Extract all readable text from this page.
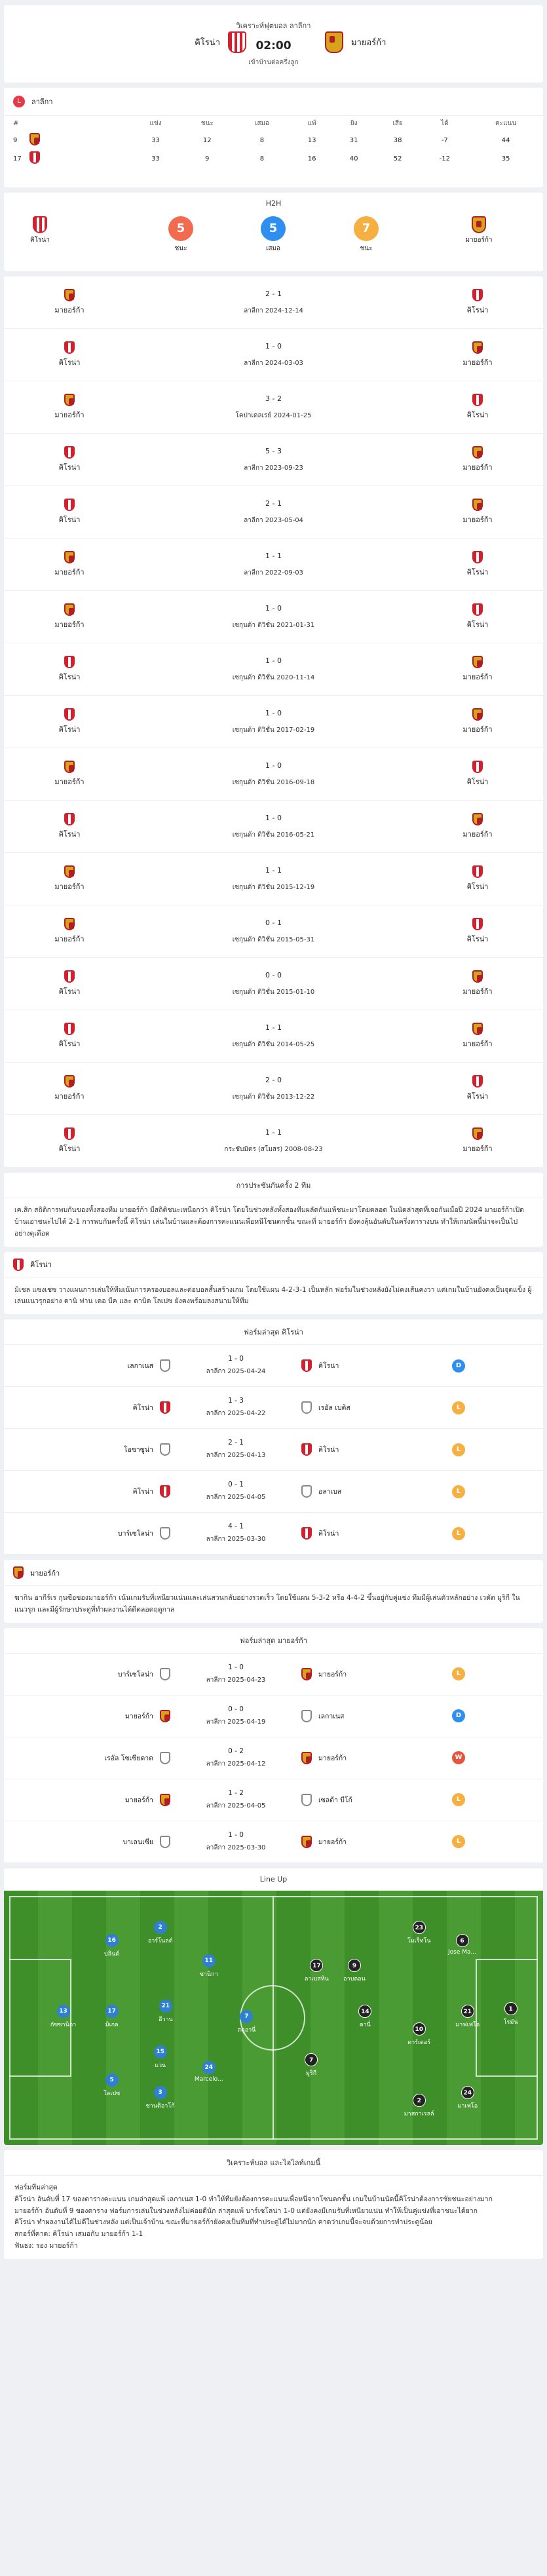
วิเคราะห์ฟุตบอล ลาลีกา
คิโรน่า	02:00	มายอร์ก้า
เข้าบ้านต่อครึ่งลูก
L	ลาลีกา
#		แข่ง	ชนะ	เสมอ	แพ้	ยิง	เสีย	ได้	คะแนน
9		33	12	8	13	31	38	-7	44
17		33	9	8	16	40	52	-12	35
H2H
คิโรน่า
5
ชนะ
5
เสมอ
7
ชนะ
มายอร์ก้า
มายอร์ก้า
2 - 1
ลาลีกา 2024-12-14	คิโรน่า
คิโรน่า
1 - 0
ลาลีกา 2024-03-03	มายอร์ก้า
มายอร์ก้า
3 - 2
โคปาเดลเรย์ 2024-01-25	คิโรน่า
คิโรน่า
5 - 3
ลาลีกา 2023-09-23	มายอร์ก้า
คิโรน่า
2 - 1
ลาลีกา 2023-05-04	มายอร์ก้า
มายอร์ก้า
1 - 1
ลาลีกา 2022-09-03	คิโรน่า
มายอร์ก้า
1 - 0
เซกุนด้า ดิวิชั่น 2021-01-31	คิโรน่า
คิโรน่า
1 - 0
เซกุนด้า ดิวิชั่น 2020-11-14	มายอร์ก้า
คิโรน่า
1 - 0
เซกุนด้า ดิวิชั่น 2017-02-19	มายอร์ก้า
มายอร์ก้า
1 - 0
เซกุนด้า ดิวิชั่น 2016-09-18	คิโรน่า
คิโรน่า
1 - 0
เซกุนด้า ดิวิชั่น 2016-05-21	มายอร์ก้า
มายอร์ก้า
1 - 1
เซกุนด้า ดิวิชั่น 2015-12-19	คิโรน่า
มายอร์ก้า
0 - 1
เซกุนด้า ดิวิชั่น 2015-05-31	คิโรน่า
คิโรน่า
0 - 0
เซกุนด้า ดิวิชั่น 2015-01-10	มายอร์ก้า
คิโรน่า
1 - 1
เซกุนด้า ดิวิชั่น 2014-05-25	มายอร์ก้า
มายอร์ก้า
2 - 0
เซกุนด้า ดิวิชั่น 2013-12-22	คิโรน่า
คิโรน่า
1 - 1
กระชับมิตร (สโมสร) 2008-08-23	มายอร์ก้า
การประชันกันครั้ง 2 ทีม
เค.สิก สถิติการพบกันของทั้งสองทีม มายอร์ก้า มีสถิติชนะเหนือกว่า คิโรน่า โดยในช่วงหลังทั้งสองทีมผลัดกันแพ้ชนะมาโดยตลอด ในนัดล่าสุดที่เจอกันเมื่อปี 2024 มายอร์ก้าเปิดบ้านเอาชนะไปได้ 2-1 การพบกันครั้งนี้ คิโรน่า เล่นในบ้านและต้องการคะแนนเพื่อหนีโซนตกชั้น ขณะที่ มายอร์ก้า ยังคงลุ้นอันดับในครึ่งตารางบน ทำให้เกมนัดนี้น่าจะเป็นไปอย่างดุเดือด
คิโรน่า
มิเชล แซงเชซ วางแผนการเล่นให้ทีมเน้นการครองบอลและต่อบอลสั้นสร้างเกม โดยใช้แผน 4-2-3-1 เป็นหลัก ฟอร์มในช่วงหลังยังไม่คงเส้นคงวา แต่เกมในบ้านยังคงเป็นจุดแข็ง ผู้เล่นแนวรุกอย่าง ดานิ ฟาน เดอ บีค และ ดาบิด โลเปซ ยังคงพร้อมลงสนามให้ทีม
ฟอร์มล่าสุด คิโรน่า
เลกาเนส
1 - 0
ลาลีกา 2025-04-24
คิโรน่า	D
คิโรน่า
1 - 3
ลาลีกา 2025-04-22
เรอัล เบติส	L
โอซาซูน่า
2 - 1
ลาลีกา 2025-04-13
คิโรน่า	L
คิโรน่า
0 - 1
ลาลีกา 2025-04-05
อลาเบส	L
บาร์เซโลน่า
4 - 1
ลาลีกา 2025-03-30
คิโรน่า	L
มายอร์ก้า
ฆากิน อากีร์เร กุนซือของมายอร์ก้า เน้นเกมรับที่เหนียวแน่นและเล่นสวนกลับอย่างรวดเร็ว โดยใช้แผน 5-3-2 หรือ 4-4-2 ขึ้นอยู่กับคู่แข่ง ทีมมีผู้เล่นตัวหลักอย่าง เวดัต มูริกี ในแนวรุก และมีผู้รักษาประตูที่ทำผลงานได้ดีตลอดฤดูกาล
ฟอร์มล่าสุด มายอร์ก้า
บาร์เซโลน่า
1 - 0
ลาลีกา 2025-04-23
มายอร์ก้า	L
มายอร์ก้า
0 - 0
ลาลีกา 2025-04-19
เลกาเนส	D
เรอัล โซเซียดาด
0 - 2
ลาลีกา 2025-04-12
มายอร์ก้า	W
มายอร์ก้า
1 - 2
ลาลีกา 2025-04-05
เซลต้า บีโก้	L
บาเลนเซีย
1 - 0
ลาลีกา 2025-03-30
มายอร์ก้า	L
Line Up
13
กัซซานิกา
16
บลินด์
2
อาร์โนลด์
5
โลเปซ	3
ซานติอาโก้
21
อีวาน
17
มิเกล
15
แวน	24
Marcelo...
11
ซานิกา
7
สตูอานี่
1
โรมัน
23
โมเร็ทโน	6
Jose Ma...
21
มาฟเฟโอ
10
ดาร์เดอร์
24
มาเฟโอ
2
มาสกาเรลล์
17
ลาเบสทิน
14
ดานี่
7
มูริกี
9
อาบดอน
วิเคราะห์บอล และไฮไลท์เกมนี้
ฟอร์มทีมล่าสุด
คิโรน่า อันดับที่ 17 ของตารางคะแนน เกมล่าสุดแพ้ เลกาเนส 1-0 ทำให้ทีมยังต้องการคะแนนเพื่อหนีจากโซนตกชั้น เกมในบ้านนัดนี้คิโรน่าต้องการชัยชนะอย่างมาก
มายอร์ก้า อันดับที่ 9 ของตาราง ฟอร์มการเล่นในช่วงหลังไม่ค่อยดีนัก ล่าสุดแพ้ บาร์เซโลน่า 1-0 แต่ยังคงมีเกมรับที่เหนียวแน่น ทำให้เป็นคู่แข่งที่เอาชนะได้ยาก
คิโรน่า ทำผลงานได้ไม่ดีในช่วงหลัง แต่เป็นเจ้าบ้าน ขณะที่มายอร์ก้ายังคงเป็นทีมที่ทำประตูได้ไม่มากนัก คาดว่าเกมนี้จะจบด้วยการทำประตูน้อย
สกอร์ที่คาด: คิโรน่า เสมอกับ มายอร์ก้า 1-1
ฟันธง: รอง มายอร์ก้า
